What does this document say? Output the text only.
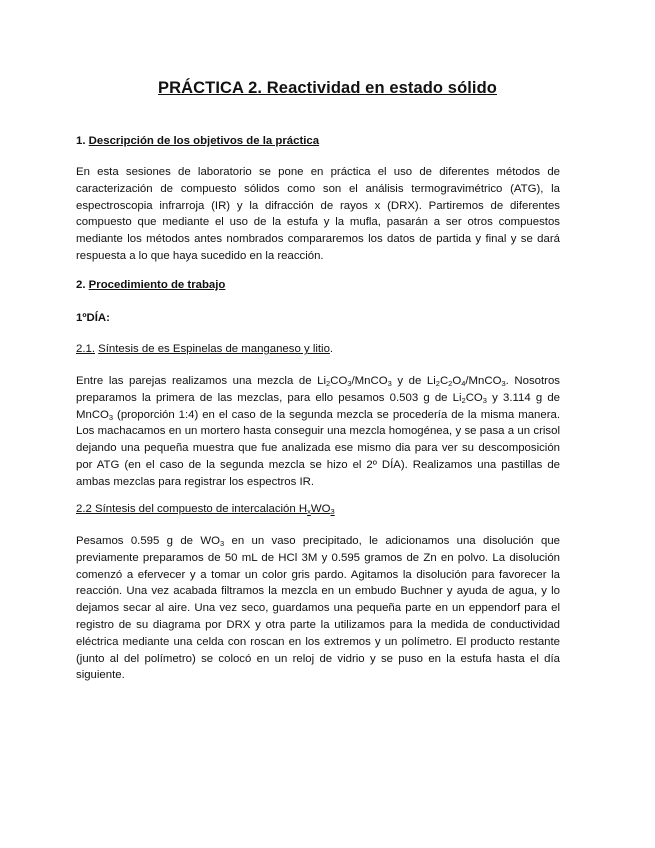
PRÁCTICA 2. Reactividad en estado sólido
1. Descripción de los objetivos de la práctica
En esta sesiones de laboratorio se pone en práctica el uso de diferentes métodos de caracterización de compuesto sólidos como son el análisis termogravimétrico (ATG), la espectroscopia infrarroja (IR) y la difracción de rayos x (DRX). Partiremos de diferentes compuesto que mediante el uso de la estufa y la mufla, pasarán a ser otros compuestos mediante los métodos antes nombrados compararemos los datos de partida y final y se dará respuesta a lo que haya sucedido en la reacción.
2. Procedimiento de trabajo
1ºDÍA:
2.1. Síntesis de es Espinelas de manganeso y litio.
Entre las parejas realizamos una mezcla de $Li_2CO_3/MnCO_3$ y de $Li_2C_2O_4/MnCO_3$. Nosotros preparamos la primera de las mezclas, para ello pesamos 0.503 g de $Li_2CO_3$ y 3.114 g de MnCO$_3$ (proporción 1:4) en el caso de la segunda mezcla se procedería de la misma manera. Los machacamos en un mortero hasta conseguir una mezcla homogénea, y se pasa a un crisol dejando una pequeña muestra que fue analizada ese mismo dia para ver su descomposición por ATG (en el caso de la segunda mezcla se hizo el 2º DÍA). Realizamos una pastillas de ambas mezclas para registrar los espectros IR.
2.2 Síntesis del compuesto de intercalación $H_xWO_3$
Pesamos 0.595 g de $WO_3$ en un vaso precipitado, le adicionamos una disolución que previamente preparamos de 50 mL de HCl 3M y 0.595 gramos de Zn en polvo. La disolución comenzó a efervecer y a tomar un color gris pardo. Agitamos la disolución para favorecer la reacción. Una vez acabada filtramos la mezcla en un embudo Buchner y ayuda de agua, y lo dejamos secar al aire. Una vez seco, guardamos una pequeña parte en un eppendorf para el registro de su diagrama por DRX y otra parte la utilizamos para la medida de conductividad eléctrica mediante una celda con roscan en los extremos y un polímetro. El producto restante (junto al del polímetro) se colocó en un reloj de vidrio y se puso en la estufa hasta el día siguiente.
